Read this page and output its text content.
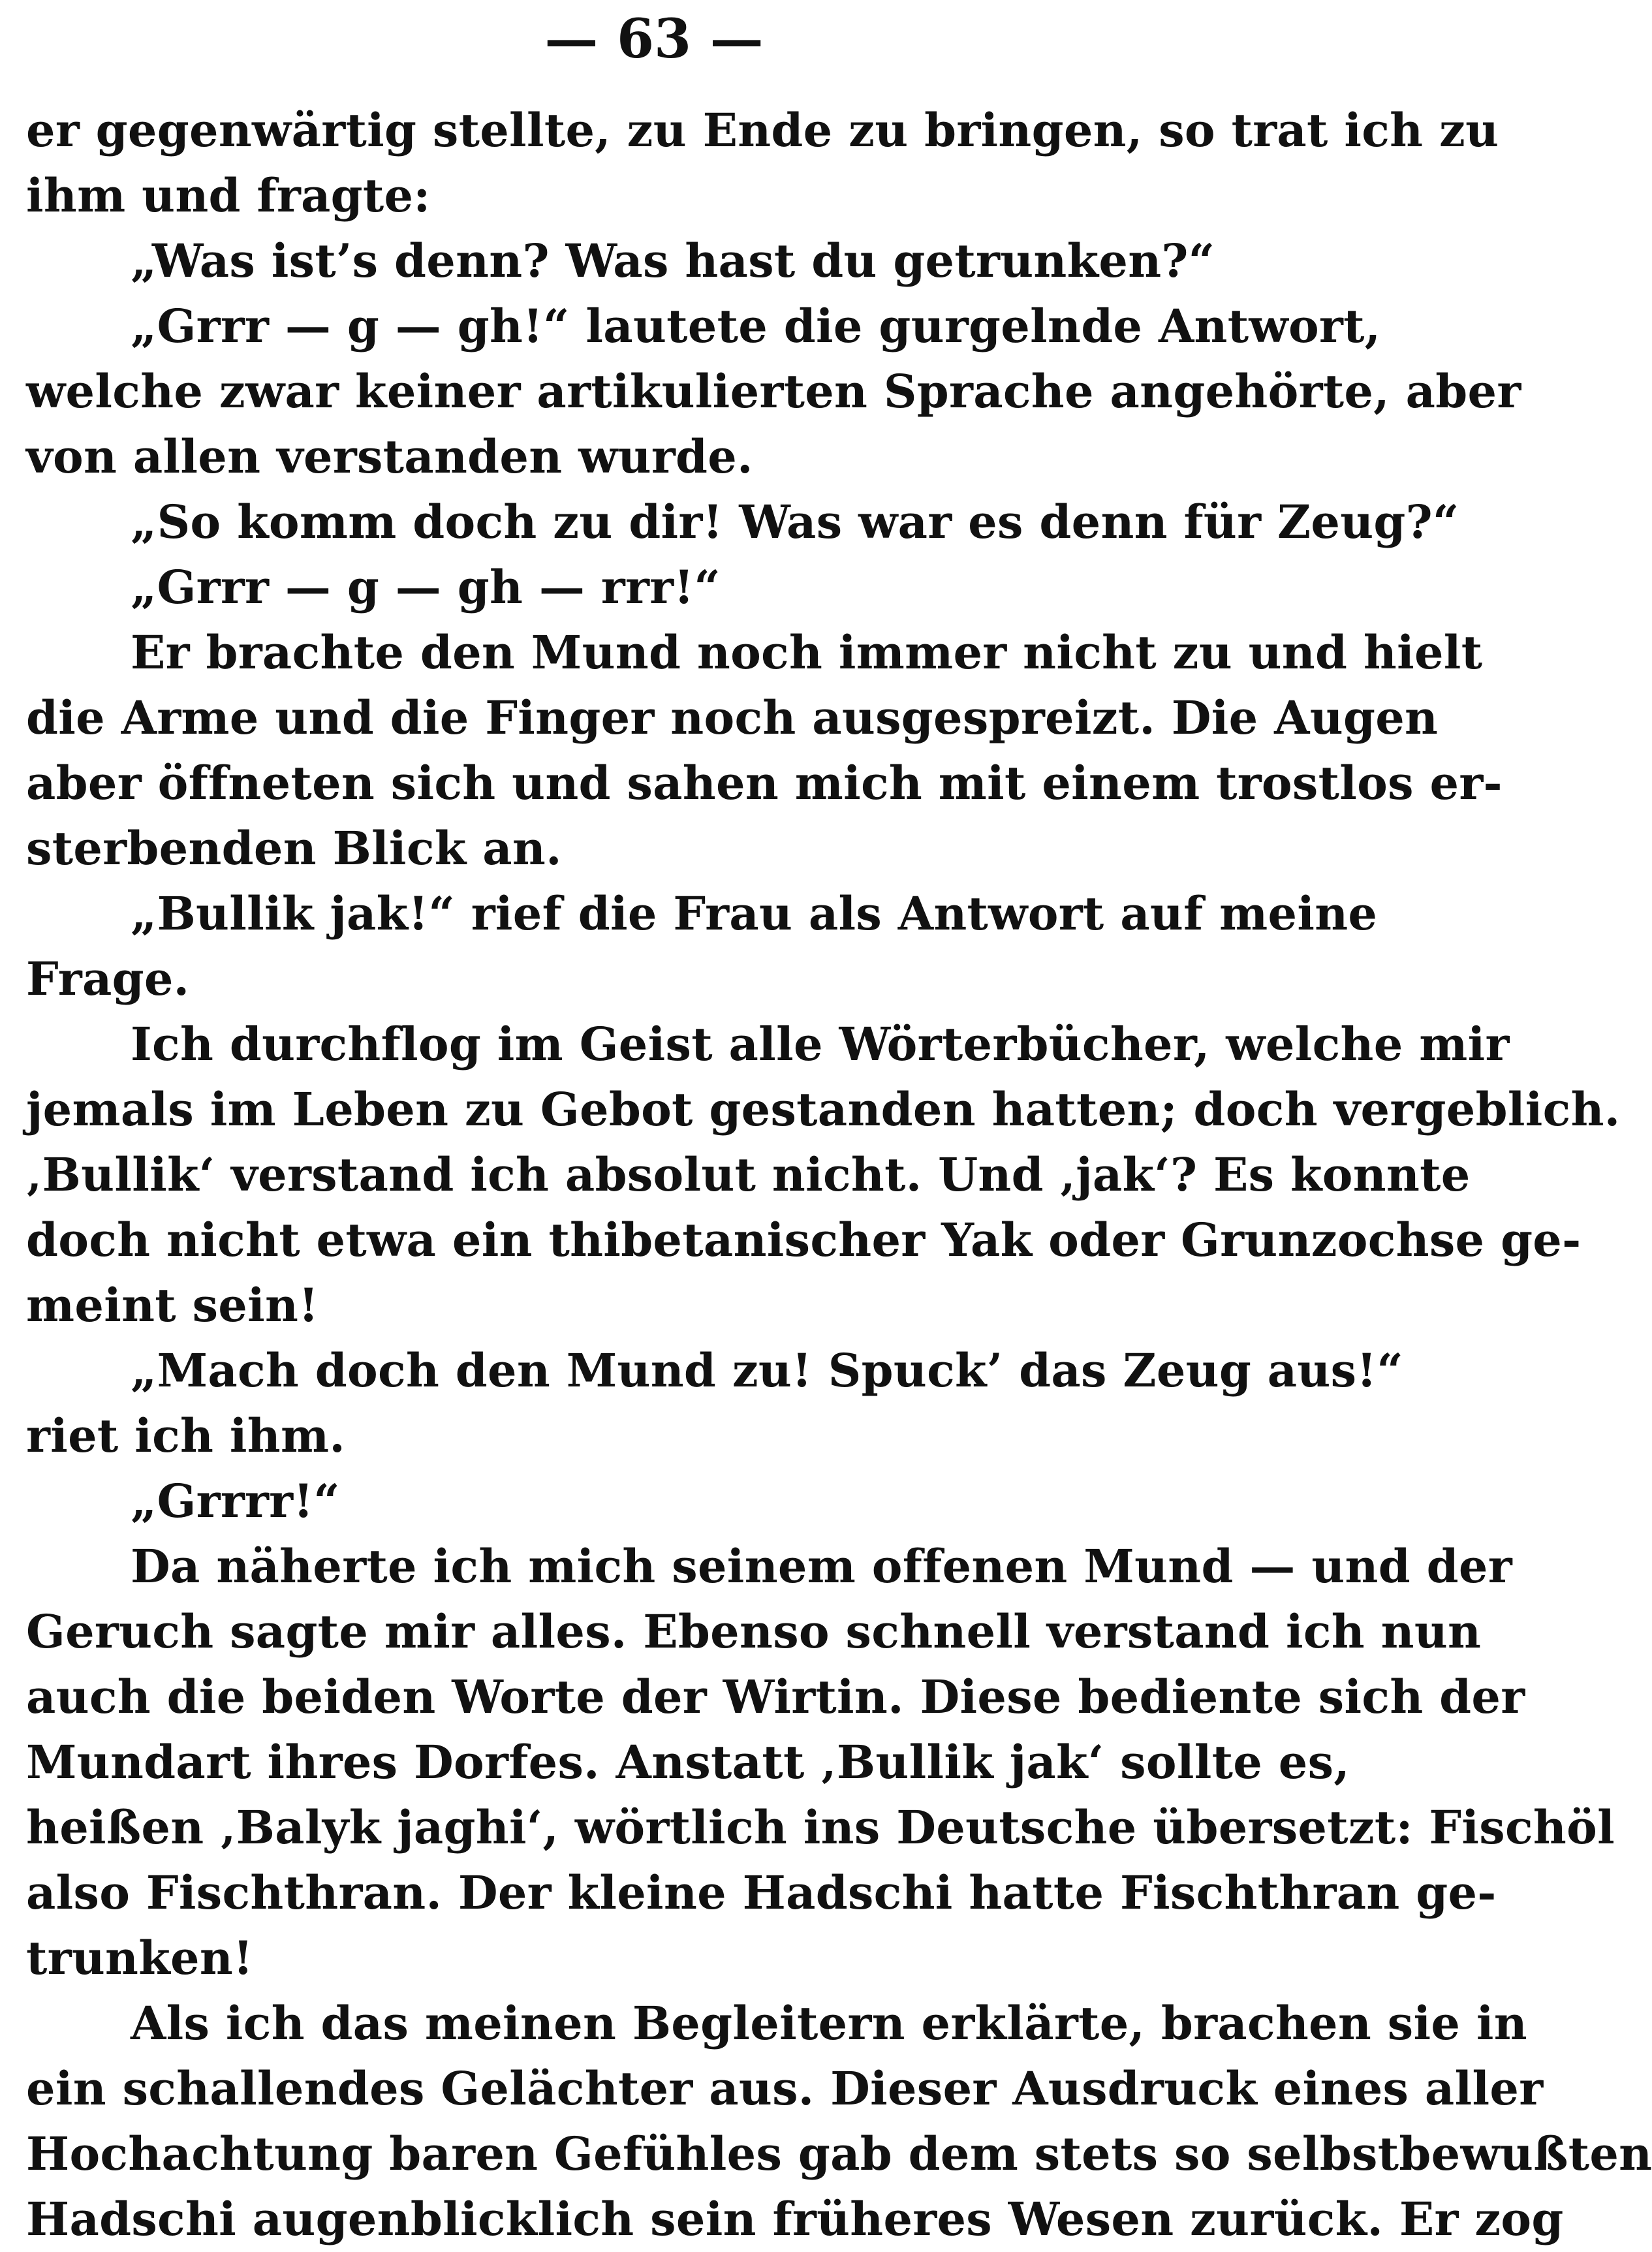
— 63 —
er gegenwärtig stellte, zu Ende zu bringen, so trat ich zu
ihm und fragte:
„Was ist’s denn? Was hast du getrunken?“
„Grrr — g — gh!“ lautete die gurgelnde Antwort,
welche zwar keiner artikulierten Sprache angehörte, aber
von allen verstanden wurde.
„So komm doch zu dir! Was war es denn für Zeug?“
„Grrr — g — gh — rrr!“
Er brachte den Mund noch immer nicht zu und hielt
die Arme und die Finger noch ausgespreizt. Die Augen
aber öffneten sich und sahen mich mit einem trostlos er-
sterbenden Blick an.
„Bullik jak!“ rief die Frau als Antwort auf meine
Frage.
Ich durchflog im Geist alle Wörterbücher, welche mir
jemals im Leben zu Gebot gestanden hatten; doch vergeblich.
‚Bullik‘ verstand ich absolut nicht. Und ‚jak‘? Es konnte
doch nicht etwa ein thibetanischer Yak oder Grunzochse ge-
meint sein!
„Mach doch den Mund zu! Spuck’ das Zeug aus!“
riet ich ihm.
„Grrrr!“
Da näherte ich mich seinem offenen Mund — und der
Geruch sagte mir alles. Ebenso schnell verstand ich nun
auch die beiden Worte der Wirtin. Diese bediente sich der
Mundart ihres Dorfes. Anstatt ‚Bullik jak‘ sollte es,
heißen ‚Balyk jaghi‘, wörtlich ins Deutsche übersetzt: Fischöl
also Fischthran. Der kleine Hadschi hatte Fischthran ge-
trunken!
Als ich das meinen Begleitern erklärte, brachen sie in
ein schallendes Gelächter aus. Dieser Ausdruck eines aller
Hochachtung baren Gefühles gab dem stets so selbstbewußten
Hadschi augenblicklich sein früheres Wesen zurück. Er zog
